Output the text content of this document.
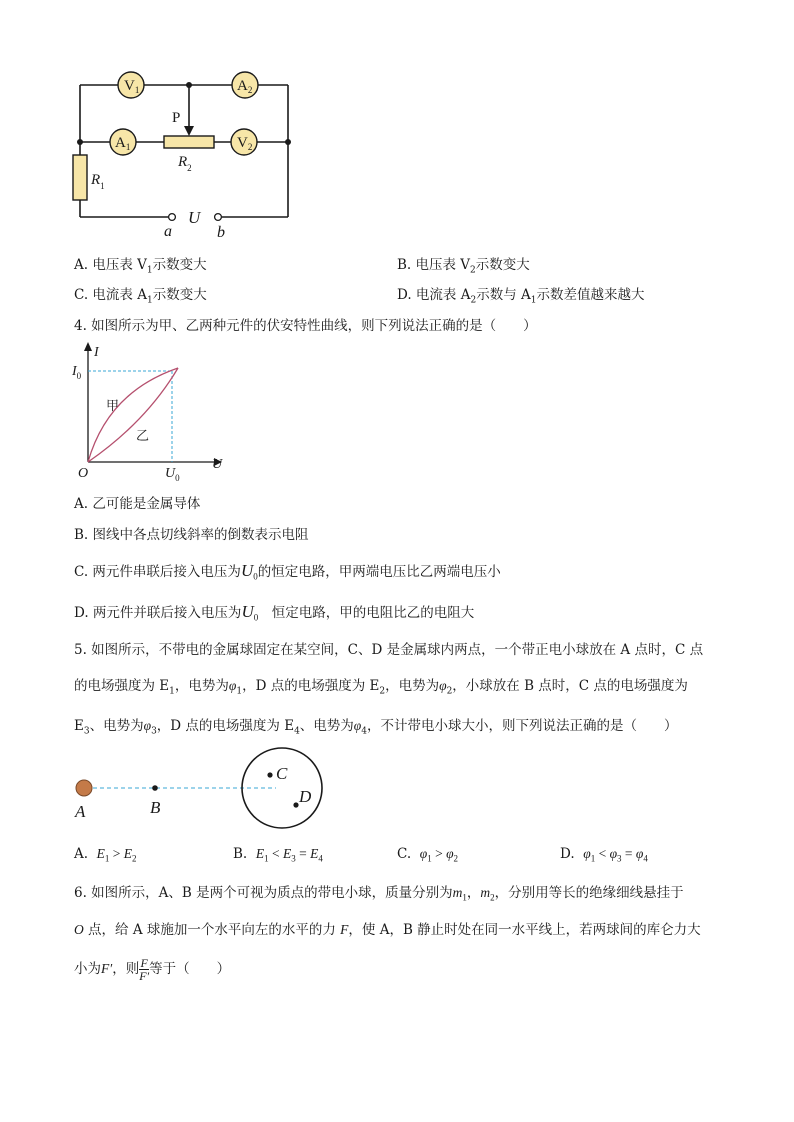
$V_1$	$A_2$
$A_1$	$V_2$
P
$R_2$
$R_1$
U
a	b
A. 电压表 $V_1$示数变大	B. 电压表 $V_2$示数变大
C. 电流表 $A_1$示数变大	D. 电流表 $A_2$示数与 $A_1$示数差值越来越大
4. 如图所示为甲、乙两种元件的伏安特性曲线，则下列说法正确的是（　　）
I
U
O
$I_0$
$U_0$
甲
乙
A. 乙可能是金属导体
B. 图线中各点切线斜率的倒数表示电阻
C. 两元件串联后接入电压为$U_0$的恒定电路，甲两端电压比乙两端电压小
D. 两元件并联后接入电压为$U_0$　恒定电路，甲的电阻比乙的电阻大
5. 如图所示，不带电的金属球固定在某空间，C、D 是金属球内两点，一个带正电小球放在 A 点时，C 点
的电场强度为 $E_1$，电势为$\varphi_1$，D 点的电场强度为 $E_2$，电势为$\varphi_2$，小球放在 B 点时，C 点的电场强度为
$E_3$、电势为$\varphi_3$，D 点的电场强度为 $E_4$、电势为$\varphi_4$，不计带电小球大小，则下列说法正确的是（　　）
A	B
C
D
A. $E_1 > E_2$	B. $E_1 < E_3 = E_4$	C. $\varphi_1 > \varphi_2$	D. $\varphi_1 < \varphi_3 = \varphi_4$
6. 如图所示，A、B 是两个可视为质点的带电小球，质量分别为$m_1$，$m_2$，分别用等长的绝缘细线悬挂于
O 点，给 A 球施加一个水平向左的水平的力 F，使 A，B 静止时处在同一水平线上，若两球间的库仑力大
小为F′，则 $\frac{F}{F'}$ 等于（　　）
